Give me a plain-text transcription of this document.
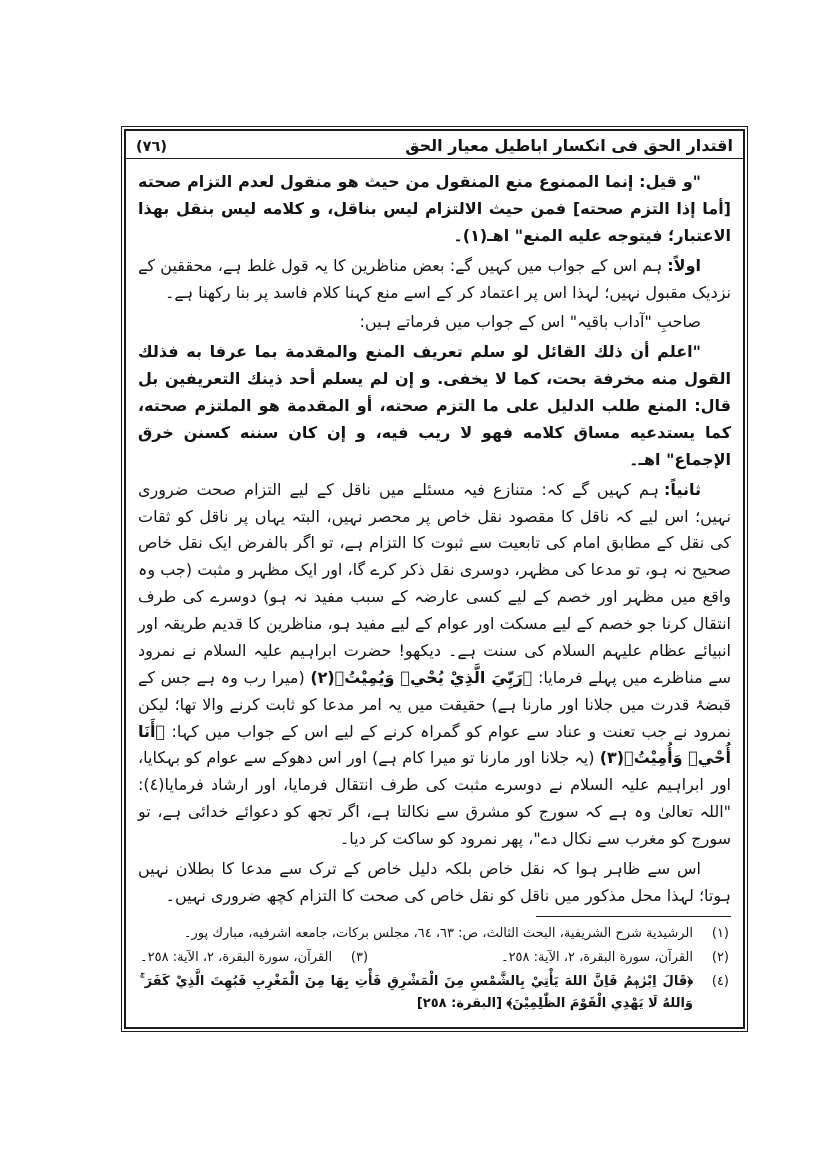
اقتدار الحق فی انکسار اباطیل معیار الحق
(٧٦)

"و قيل: إنما الممنوع منع المنقول من حيث هو منقول لعدم التزام صحته [أما إذا التزم صحته] فمن حيث الالتزام ليس بناقل، و كلامه ليس بنقل بهذا الاعتبار؛ فيتوجه عليه المنع" اهـ(١)۔

اولاً:ہم اس کے جواب میں کہیں گے: بعض مناظرین کا یہ قول غلط ہے، محققین کے نزدیک مقبول نہیں؛ لہذا اس پر اعتماد کر کے اسے منع کہنا کلام فاسد پر بنا رکھنا ہے۔

صاحبِ "آداب باقیہ" اس کے جواب میں فرماتے ہیں:

"اعلم أن ذلك القائل لو سلم تعريف المنع والمقدمة بما عرفا به فذلك القول منه مخرفة بحت، كما لا يخفى. و إن لم يسلم أحد ذينك التعريفين بل قال: المنع طلب الدليل على ما التزم صحته، أو المقدمة هو الملتزم صحته، كما يستدعيه مساق كلامه فهو لا ريب فيه، و إن كان سننه كسنن خرق الإجماع" اهـ۔

ثانیاً:ہم کہیں گے کہ: متنازع فیہ مسئلے میں ناقل کے لیے التزام صحت ضروری نہیں؛ اس لیے کہ ناقل کا مقصود نقل خاص پر محصر نہیں، البتہ یہاں پر ناقل کو ثقات کی نقل کے مطابق امام کی تابعیت سے ثبوت کا التزام ہے، تو اگر بالفرض ایک نقل خاص صحیح نہ ہو، تو مدعا کی مظہر، دوسری نقل ذکر کرے گا، اور ایک مظہر و مثبت (جب وہ واقع میں مظہر اور خصم کے لیے کسی عارضہ کے سبب مفید نہ ہو) دوسرے کی طرف انتقال کرنا جو خصم کے لیے مسکت اور عوام کے لیے مفید ہو، مناظرین کا قدیم طریقہ اور انبیائے عظام علیہم السلام کی سنت ہے۔ دیکھو! حضرت ابراہیم علیہ السلام نے نمرود سے مناظرے میں پہلے فرمایا: ﴿رَبِّيَ الَّذِيْ يُحْيٖ وَيُمِيْتُ﴾(٢) (میرا رب وہ ہے جس کے قبضۂ قدرت میں جلانا اور مارنا ہے) حقیقت میں یہ امر مدعا کو ثابت کرنے والا تھا؛ لیکن نمرود نے جب تعنت و عناد سے عوام کو گمراہ کرنے کے لیے اس کے جواب میں کہا: ﴿أَنَا أُحْيٖ وَأُمِيْتُ﴾(٣) (یہ جلانا اور مارنا تو میرا کام ہے) اور اس دھوکے سے عوام کو بہکایا، اور ابراہیم علیہ السلام نے دوسرے مثبت کی طرف انتقال فرمایا، اور ارشاد فرمایا(٤): "اللہ تعالیٰ وہ ہے کہ سورج کو مشرق سے نکالتا ہے، اگر تجھ کو دعوائے خدائی ہے، تو سورج کو مغرب سے نکال دے"، پھر نمرود کو ساکت کر دیا۔

اس سے ظاہر ہوا کہ نقل خاص بلکہ دلیل خاص کے ترک سے مدعا کا بطلان نہیں ہوتا؛ لہذا محل مذکور میں ناقل کو نقل خاص کی صحت کا التزام کچھ ضروری نہیں۔

(١)
الرشيدية شرح الشريفية، البحث الثالث، ص: ٦٣، ٦٤، مجلس بركات، جامعه اشرفيه، مبارك پور۔
(٢)
القرآن، سورة البقرة، ٢، الآية: ٢٥٨۔
(٣)
القرآن، سورة البقرة، ٢، الآية: ٢٥٨۔
(٤)
﴿قَالَ اِبْرٰهٖمُ فَاِنَّ اللهَ يَأْتِيْ بِالشَّمْسِ مِنَ الْمَشْرِقِ فَأْتِ بِهَا مِنَ الْمَغْرِبِ فَبُهِتَ الَّذِيْ كَفَرَ ۚ وَاللهُ لَا يَهْدِي الْقَوْمَ الظّٰلِمِيْنَ﴾ [البقرة: ٢٥٨]
